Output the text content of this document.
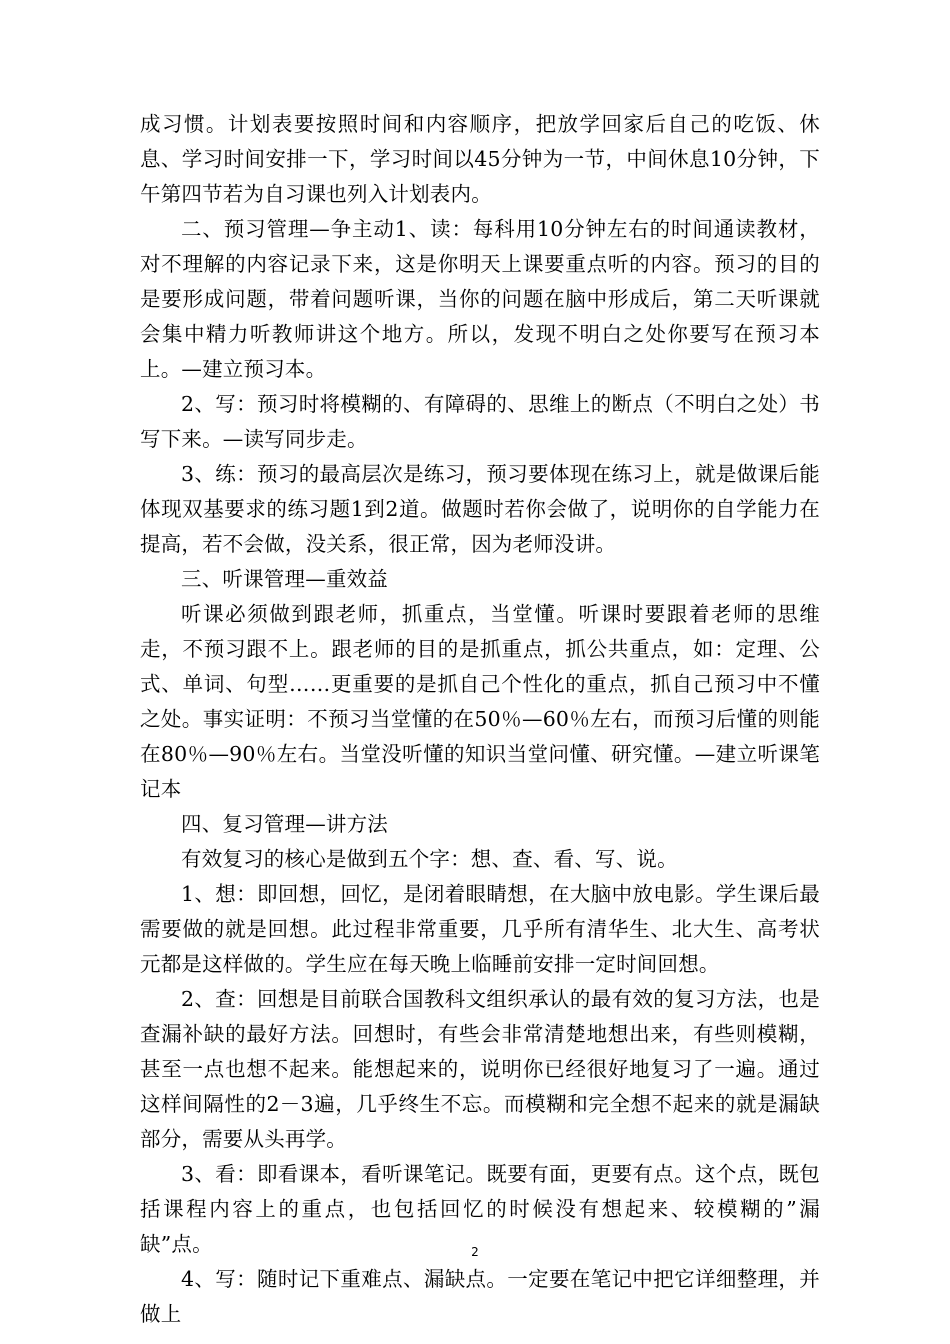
成习惯。计划表要按照时间和内容顺序，把放学回家后自己的吃饭、休息、学习时间安排一下，学习时间以45分钟为一节，中间休息10分钟，下午第四节若为自习课也列入计划表内。

二、预习管理—争主动1、读：每科用10分钟左右的时间通读教材，对不理解的内容记录下来，这是你明天上课要重点听的内容。预习的目的是要形成问题，带着问题听课，当你的问题在脑中形成后，第二天听课就会集中精力听教师讲这个地方。所以，发现不明白之处你要写在预习本上。—建立预习本。

2、写：预习时将模糊的、有障碍的、思维上的断点（不明白之处）书写下来。—读写同步走。

3、练：预习的最高层次是练习，预习要体现在练习上，就是做课后能体现双基要求的练习题1到2道。做题时若你会做了，说明你的自学能力在提高，若不会做，没关系，很正常，因为老师没讲。

三、听课管理—重效益

听课必须做到跟老师，抓重点，当堂懂。听课时要跟着老师的思维走，不预习跟不上。跟老师的目的是抓重点，抓公共重点，如：定理、公式、单词、句型……更重要的是抓自己个性化的重点，抓自己预习中不懂之处。事实证明：不预习当堂懂的在50％—60％左右，而预习后懂的则能在80％—90％左右。当堂没听懂的知识当堂问懂、研究懂。—建立听课笔记本

四、复习管理—讲方法

有效复习的核心是做到五个字：想、查、看、写、说。

1、想：即回想，回忆，是闭着眼睛想，在大脑中放电影。学生课后最需要做的就是回想。此过程非常重要，几乎所有清华生、北大生、高考状元都是这样做的。学生应在每天晚上临睡前安排一定时间回想。

2、查：回想是目前联合国教科文组织承认的最有效的复习方法，也是查漏补缺的最好方法。回想时，有些会非常清楚地想出来，有些则模糊，甚至一点也想不起来。能想起来的，说明你已经很好地复习了一遍。通过这样间隔性的2－3遍，几乎终生不忘。而模糊和完全想不起来的就是漏缺部分，需要从头再学。

3、看：即看课本，看听课笔记。既要有面，更要有点。这个点，既包括课程内容上的重点，也包括回忆的时候没有想起来、较模糊的”漏缺”点。

4、写：随时记下重难点、漏缺点。一定要在笔记中把它详细整理，并做上

2
